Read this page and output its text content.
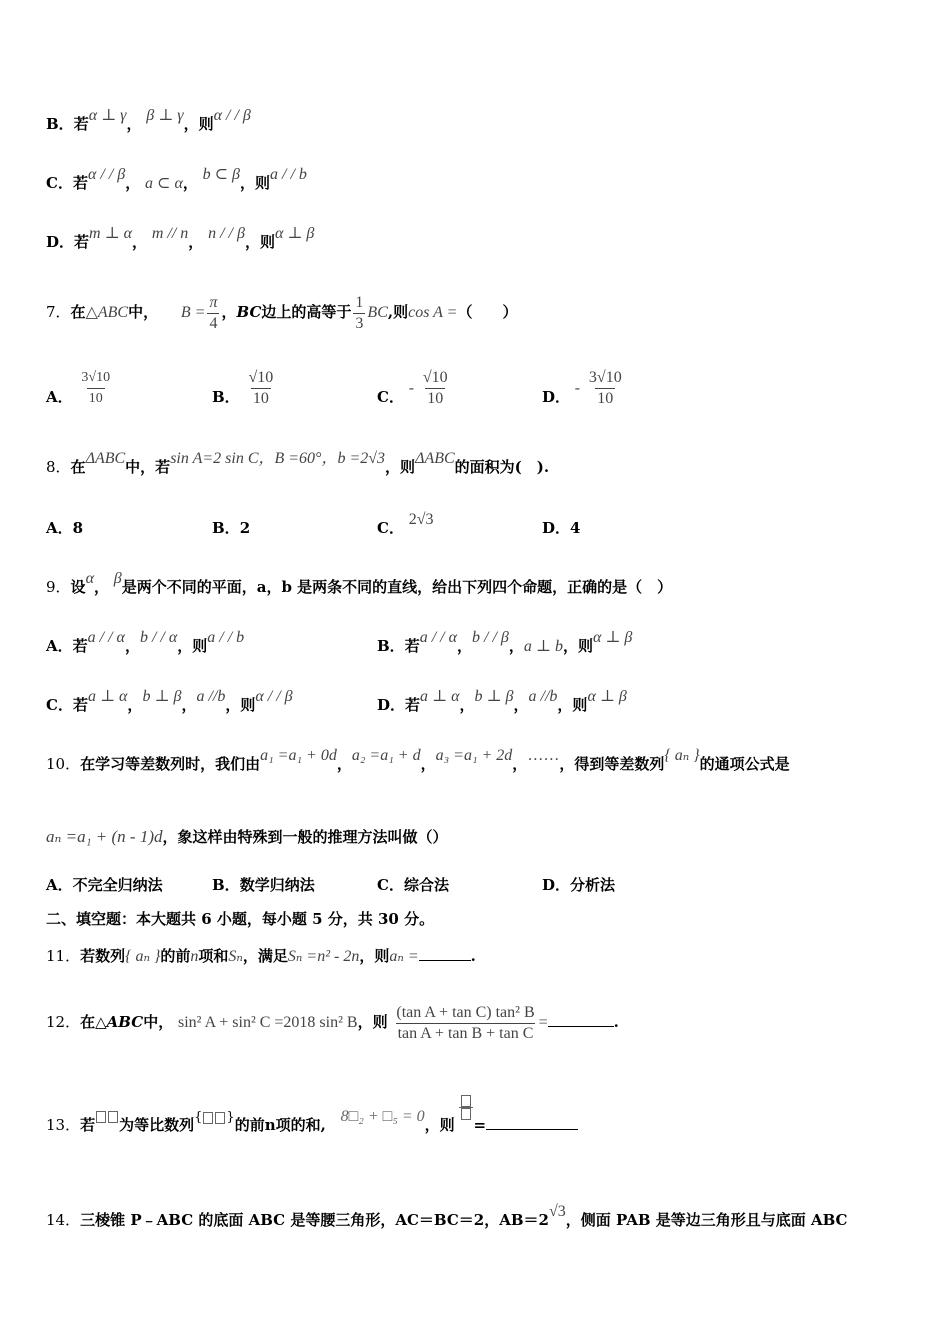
B．若α ⊥ γ， β ⊥ γ，则α / / β
C．若α / / β， a ⊂ α， b ⊂ β，则a / / b
D．若m ⊥ α， m // n， n / / β，则α ⊥ β
7．在△ABC中， $B = \frac{\pi}{4}$ ，BC边上的高等于 $\frac{1}{3}$ BC,则cos A =（　　）
A． $\frac{3√10}{10}$	B． $\frac{√10}{10}$	C． - $\frac{√10}{10}$	D． - $\frac{3√10}{10}$
8．在ΔABC中，若sin A=2 sin C，B =60°，b =2√3，则ΔABC的面积为(　).
A．8	B．2	C． 2√3	D．4
9．设α， β是两个不同的平面，a，b 是两条不同的直线，给出下列四个命题，正确的是（　）
A．若a / / α，b / / α，则a / / b	B．若a / / α，b / / β，a ⊥ b，则α ⊥ β
C．若a ⊥ α，b ⊥ β，a //b，则α / / β	D．若a ⊥ α，b ⊥ β，a //b，则α ⊥ β
10．在学习等差数列时，我们由a₁ =a₁ + 0d，a₂ =a₁ + d，a₃ =a₁ + 2d，……，得到等差数列{ aₙ }的通项公式是
aₙ =a₁ + (n - 1)d，象这样由特殊到一般的推理方法叫做（）
A．不完全归纳法	B．数学归纳法	C．综合法	D．分析法
二、填空题：本大题共 6 小题，每小题 5 分，共 30 分。
11．若数列{ aₙ }的前n项和Sₙ，满足Sₙ =n² - 2n，则aₙ =	.
12．在△ABC中， sin² A + sin² C =2018 sin² B，则 $\frac{\text{(tan A + tan C) tan² B}}{\text{tan A + tan B + tan C}}$ =	.
13．若 为等比数列{ }的前n项的和, 8□₂ + □₅ = 0，则 =
14．三棱锥 P﹣ABC 的底面 ABC 是等腰三角形，AC＝BC＝2，AB＝2√3，侧面 PAB 是等边三角形且与底面 ABC
